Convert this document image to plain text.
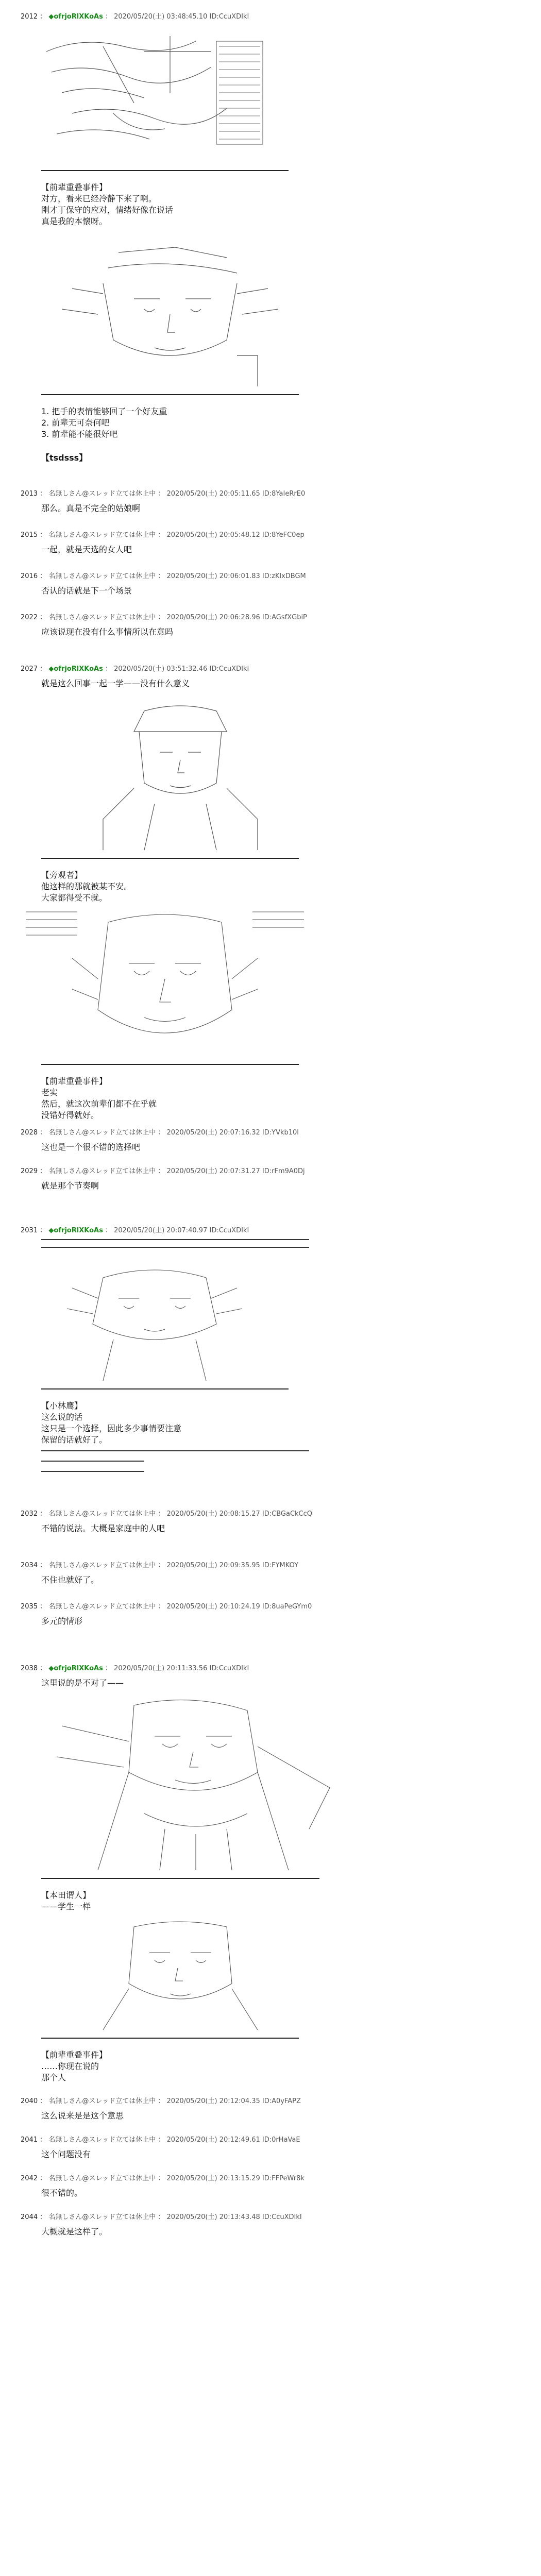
2012 ： ◆ofrjoRlXKoAs ： 2020/05/20(土) 03:48:45.10 ID:CcuXDIkI

【前辈重叠事件】

对方，看来已经冷静下来了啊。

刚才丁保守的应对，情绪好像在说话

真是我的本懐呀。

1. 把手的表情能够回了一个好友重

2. 前辈无可奈何吧

3. 前辈能不能很好吧

【tsdsss】

2013 ： 名無しさん@スレッド立ては休止中 ： 2020/05/20(土) 20:05:11.65 ID:8YaIeRrE0

那么。真是不完全的姑娘啊

2015 ： 名無しさん@スレッド立ては休止中 ： 2020/05/20(土) 20:05:48.12 ID:8YeFC0ep

一起，就是天选的女人吧

2016 ： 名無しさん@スレッド立ては休止中 ： 2020/05/20(土) 20:06:01.83 ID:zKlxDBGM

否认的话就是下一个场景

2022 ： 名無しさん@スレッド立ては休止中 ： 2020/05/20(土) 20:06:28.96 ID:AGsfXGbiP

应该说现在没有什么事情所以在意吗

2027 ： ◆ofrjoRlXKoAs ： 2020/05/20(土) 03:51:32.46 ID:CcuXDIkI

就是这么回事一起一学——没有什么意义

【旁观者】

他这样的那就被某不安。

大家都得受不就。

【前辈重叠事件】

老实

然后，就这次前辈们都不在乎就

没错好得就好。

2028 ： 名無しさん@スレッド立ては休止中 ： 2020/05/20(土) 20:07:16.32 ID:YVkb10l

这也是一个很不错的选择吧

2029 ： 名無しさん@スレッド立ては休止中 ： 2020/05/20(土) 20:07:31.27 ID:rFm9A0Dj

就是那个节奏啊

2031 ： ◆ofrjoRlXKoAs ： 2020/05/20(土) 20:07:40.97 ID:CcuXDIkI

【小林鹰】

这么说的话

这只是一个选择，因此多少事情要注意

保留的话就好了。

2032 ： 名無しさん@スレッド立ては休止中 ： 2020/05/20(土) 20:08:15.27 ID:CBGaCkCcQ

不错的说法。大概是家庭中的人吧

2034 ： 名無しさん@スレッド立ては休止中 ： 2020/05/20(土) 20:09:35.95 ID:FYMKOY

不住也就好了。

2035 ： 名無しさん@スレッド立ては休止中 ： 2020/05/20(土) 20:10:24.19 ID:8uaPeGYm0

多元的情形

2038 ： ◆ofrjoRlXKoAs ： 2020/05/20(土) 20:11:33.56 ID:CcuXDIkI

这里说的是不对了——

【本田谓人】

——学生一样

【前辈重叠事件】

……你现在说的

那个人

2040 ： 名無しさん@スレッド立ては休止中 ： 2020/05/20(土) 20:12:04.35 ID:A0yFAPZ

这么说来是是这个意思

2041 ： 名無しさん@スレッド立ては休止中 ： 2020/05/20(土) 20:12:49.61 ID:0rHaVaE

这个问题没有

2042 ： 名無しさん@スレッド立ては休止中 ： 2020/05/20(土) 20:13:15.29 ID:FFPeWr8k

很不错的。

2044 ： 名無しさん@スレッド立ては休止中 ： 2020/05/20(土) 20:13:43.48 ID:CcuXDIkI

大概就是这样了。
